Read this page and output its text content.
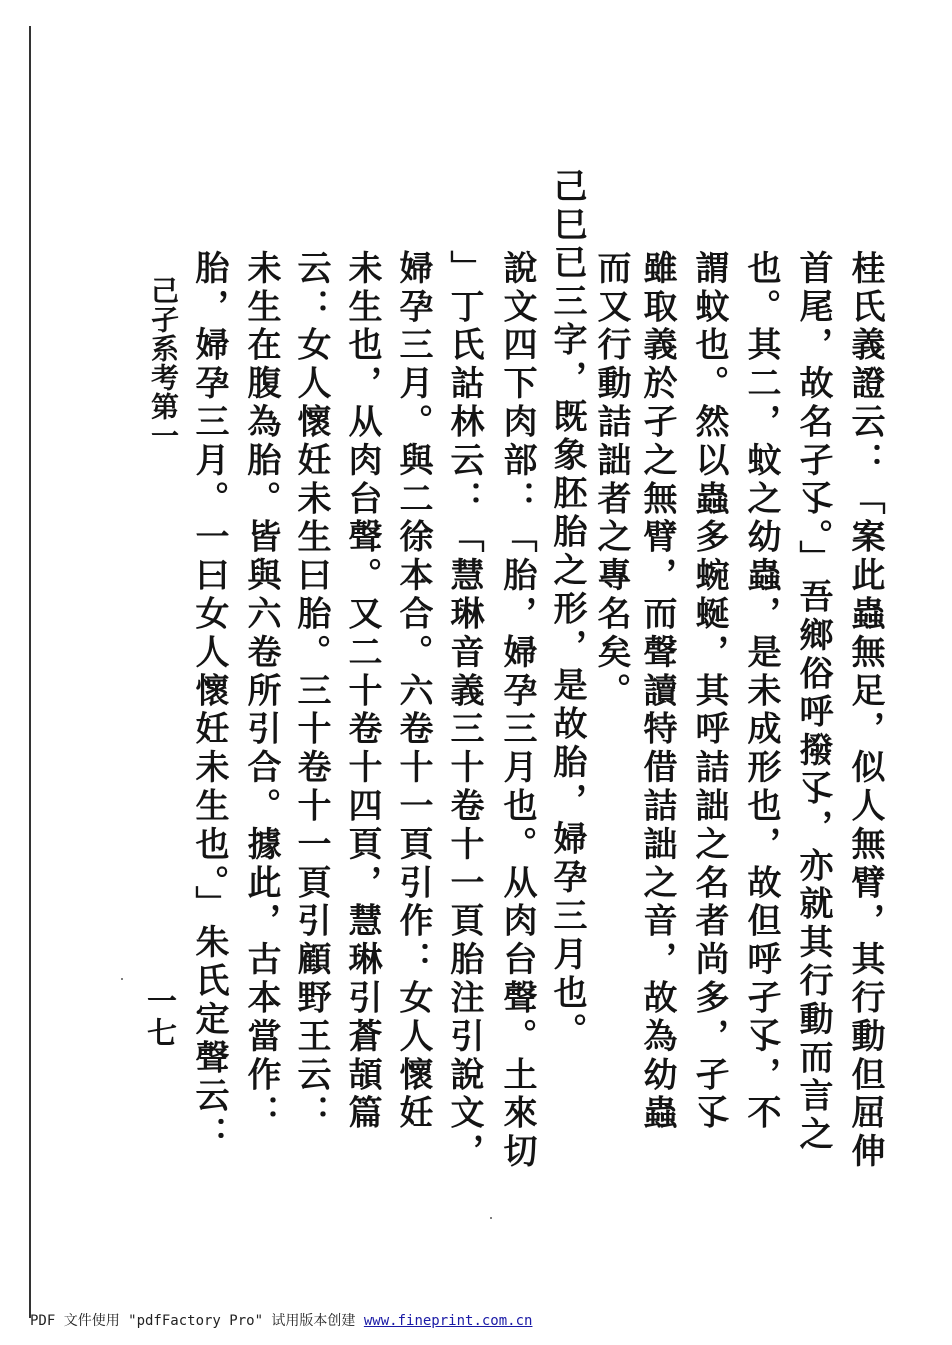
桂氏義證云：「案此蟲無足，似人無臂，其行動但屈伸
首尾，故名孑孓。」吾鄉俗呼撥孓，亦就其行動而言之
也。其二，蚊之幼蟲，是未成形也，故但呼孑孓，不
謂蚊也。然以蟲多蜿蜒，其呼詰詘之名者尚多，孑孓
雖取義於孑之無臂，而聲讀特借詰詘之音，故為幼蟲
而又行動詰詘者之專名矣。
己巳已三字，既象胚胎之形，是故胎，婦孕三月也。
說文四下肉部：「胎，婦孕三月也。从肉台聲。土來切
」丁氏詁林云：「慧琳音義三十卷十一頁胎注引說文，
婦孕三月。與二徐本合。六卷十一頁引作：女人懷妊
未生也，从肉台聲。又二十卷十四頁，慧琳引蒼頡篇
云：女人懷妊未生曰胎。三十卷十一頁引顧野王云：
未生在腹為胎。皆與六卷所引合。據此，古本當作：
胎，婦孕三月。一曰女人懷妊未生也。」朱氏定聲云：
己孑系考第一
一七
PDF 文件使用 "pdfFactory Pro" 试用版本创建 www.fineprint.com.cn
